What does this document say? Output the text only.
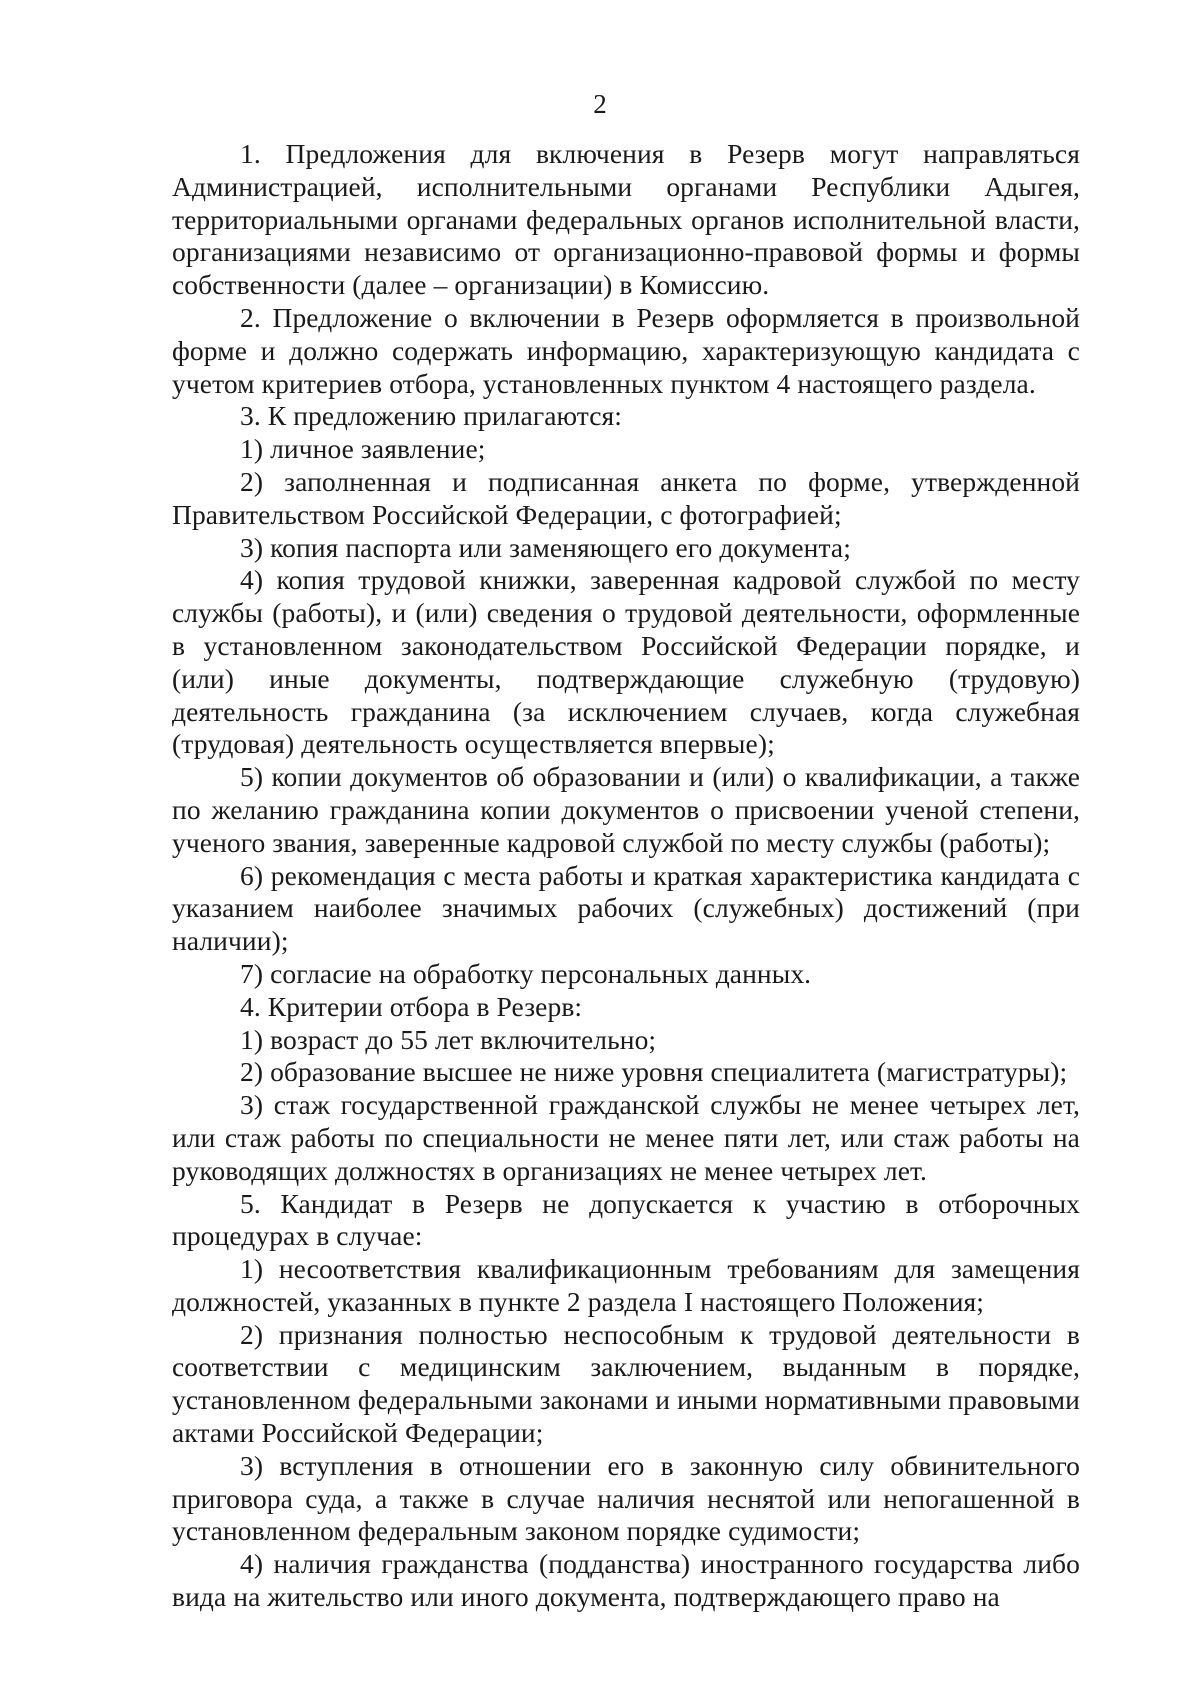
2

1. Предложения для включения в Резерв могут направляться Администрацией, исполнительными органами Республики Адыгея, территориальными органами федеральных органов исполнительной власти, организациями независимо от организационно-правовой формы и формы собственности (далее – организации) в Комиссию.

2. Предложение о включении в Резерв оформляется в произвольной форме и должно содержать информацию, характеризующую кандидата с учетом критериев отбора, установленных пунктом 4 настоящего раздела.

3. К предложению прилагаются:

1) личное заявление;

2) заполненная и подписанная анкета по форме, утвержденной Правительством Российской Федерации, с фотографией;

3) копия паспорта или заменяющего его документа;

4) копия трудовой книжки, заверенная кадровой службой по месту службы (работы), и (или) сведения о трудовой деятельности, оформленные в установленном законодательством Российской Федерации порядке, и (или) иные документы, подтверждающие служебную (трудовую) деятельность гражданина (за исключением случаев, когда служебная (трудовая) деятельность осуществляется впервые);

5) копии документов об образовании и (или) о квалификации, а также по желанию гражданина копии документов о присвоении ученой степени, ученого звания, заверенные кадровой службой по месту службы (работы);

6) рекомендация с места работы и краткая характеристика кандидата с указанием наиболее значимых рабочих (служебных) достижений (при наличии);

7) согласие на обработку персональных данных.

4. Критерии отбора в Резерв:

1) возраст до 55 лет включительно;

2) образование высшее не ниже уровня специалитета (магистратуры);

3) стаж государственной гражданской службы не менее четырех лет, или стаж работы по специальности не менее пяти лет, или стаж работы на руководящих должностях в организациях не менее четырех лет.

5. Кандидат в Резерв не допускается к участию в отборочных процедурах в случае:

1) несоответствия квалификационным требованиям для замещения должностей, указанных в пункте 2 раздела I настоящего Положения;

2) признания полностью неспособным к трудовой деятельности в соответствии с медицинским заключением, выданным в порядке, установленном федеральными законами и иными нормативными правовыми актами Российской Федерации;

3) вступления в отношении его в законную силу обвинительного приговора суда, а также в случае наличия неснятой или непогашенной в установленном федеральным законом порядке судимости;

4) наличия гражданства (подданства) иностранного государства либо вида на жительство или иного документа, подтверждающего право на
